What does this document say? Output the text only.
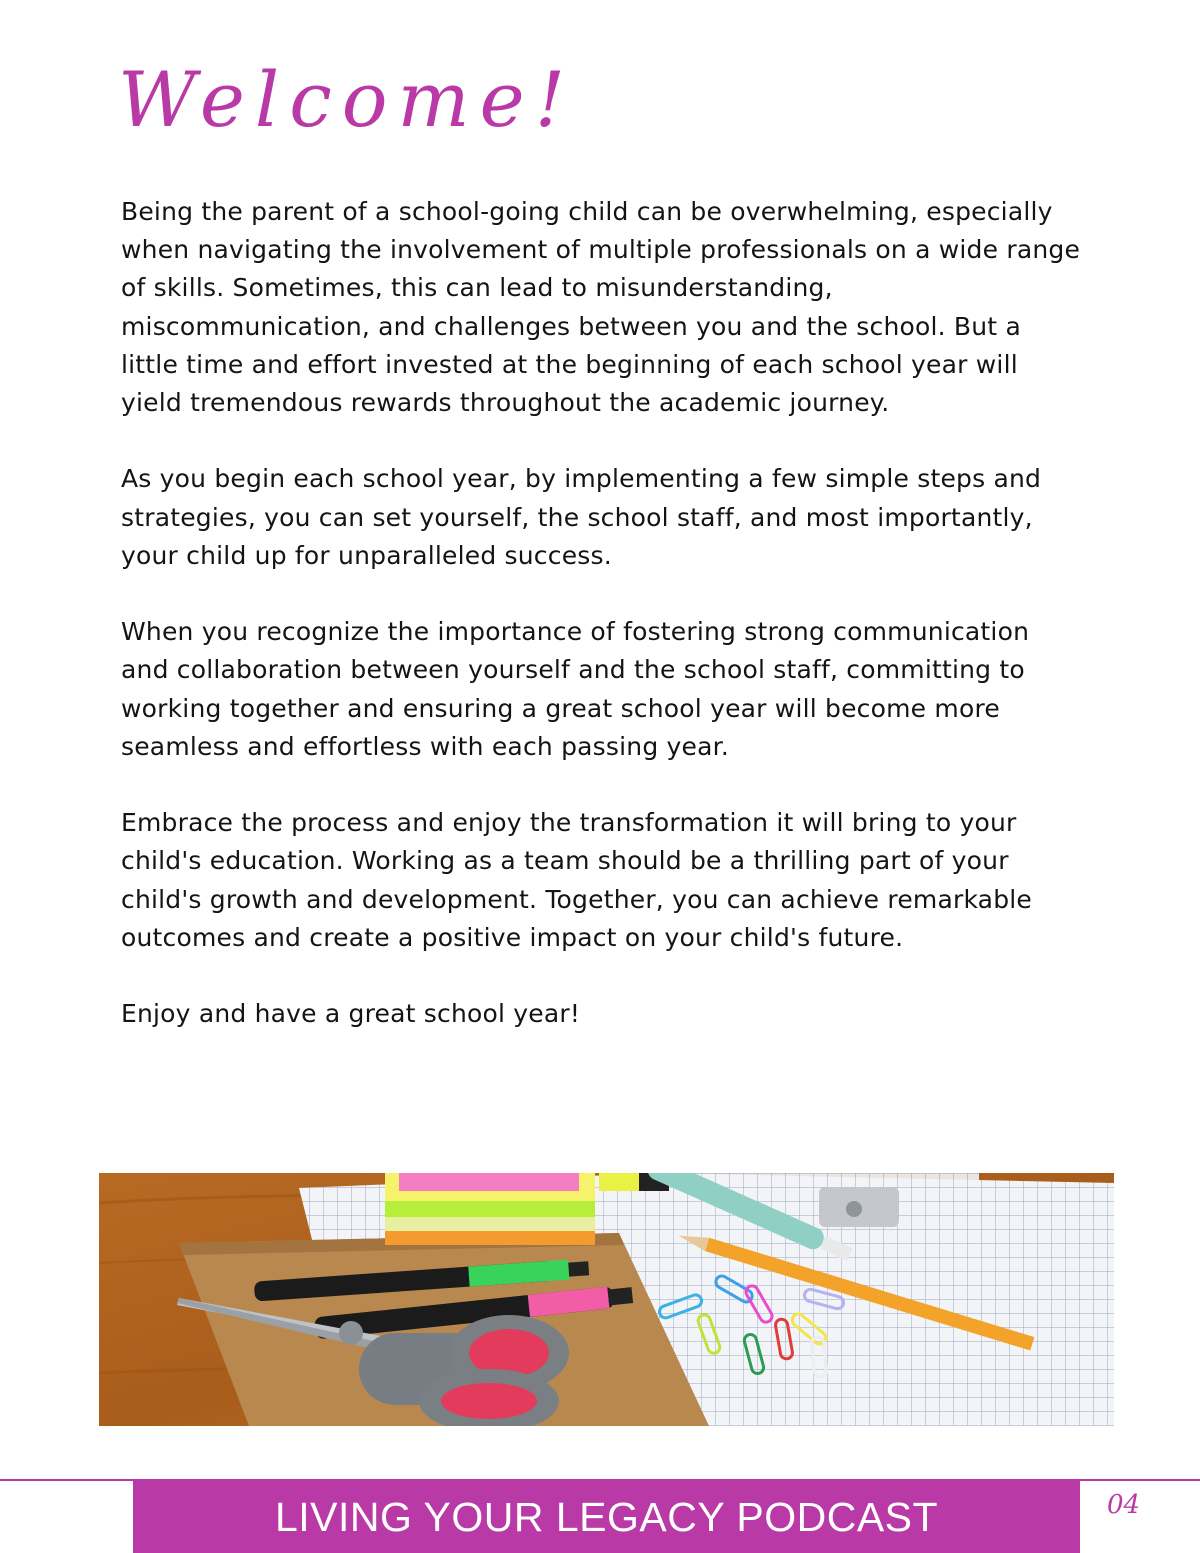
Welcome!

Being the parent of a school-going child can be overwhelming, especially when navigating the involvement of multiple professionals on a wide range of skills. Sometimes, this can lead to misunderstanding, miscommunication, and challenges between you and the school. But a little time and effort invested at the beginning of each school year will yield tremendous rewards throughout the academic journey.

As you begin each school year, by implementing a few simple steps and strategies, you can set yourself, the school staff, and most importantly, your child up for unparalleled success.

When you recognize the importance of fostering strong communication and collaboration between yourself and the school staff, committing to working together and ensuring a great school year will become more seamless and effortless with each passing year.

Embrace the process and enjoy the transformation it will bring to your child's education. Working as a team should be a thrilling part of your child's growth and development. Together, you can achieve remarkable outcomes and create a positive impact on your child's future.

Enjoy and have a great school year!

LIVING YOUR LEGACY PODCAST	04
